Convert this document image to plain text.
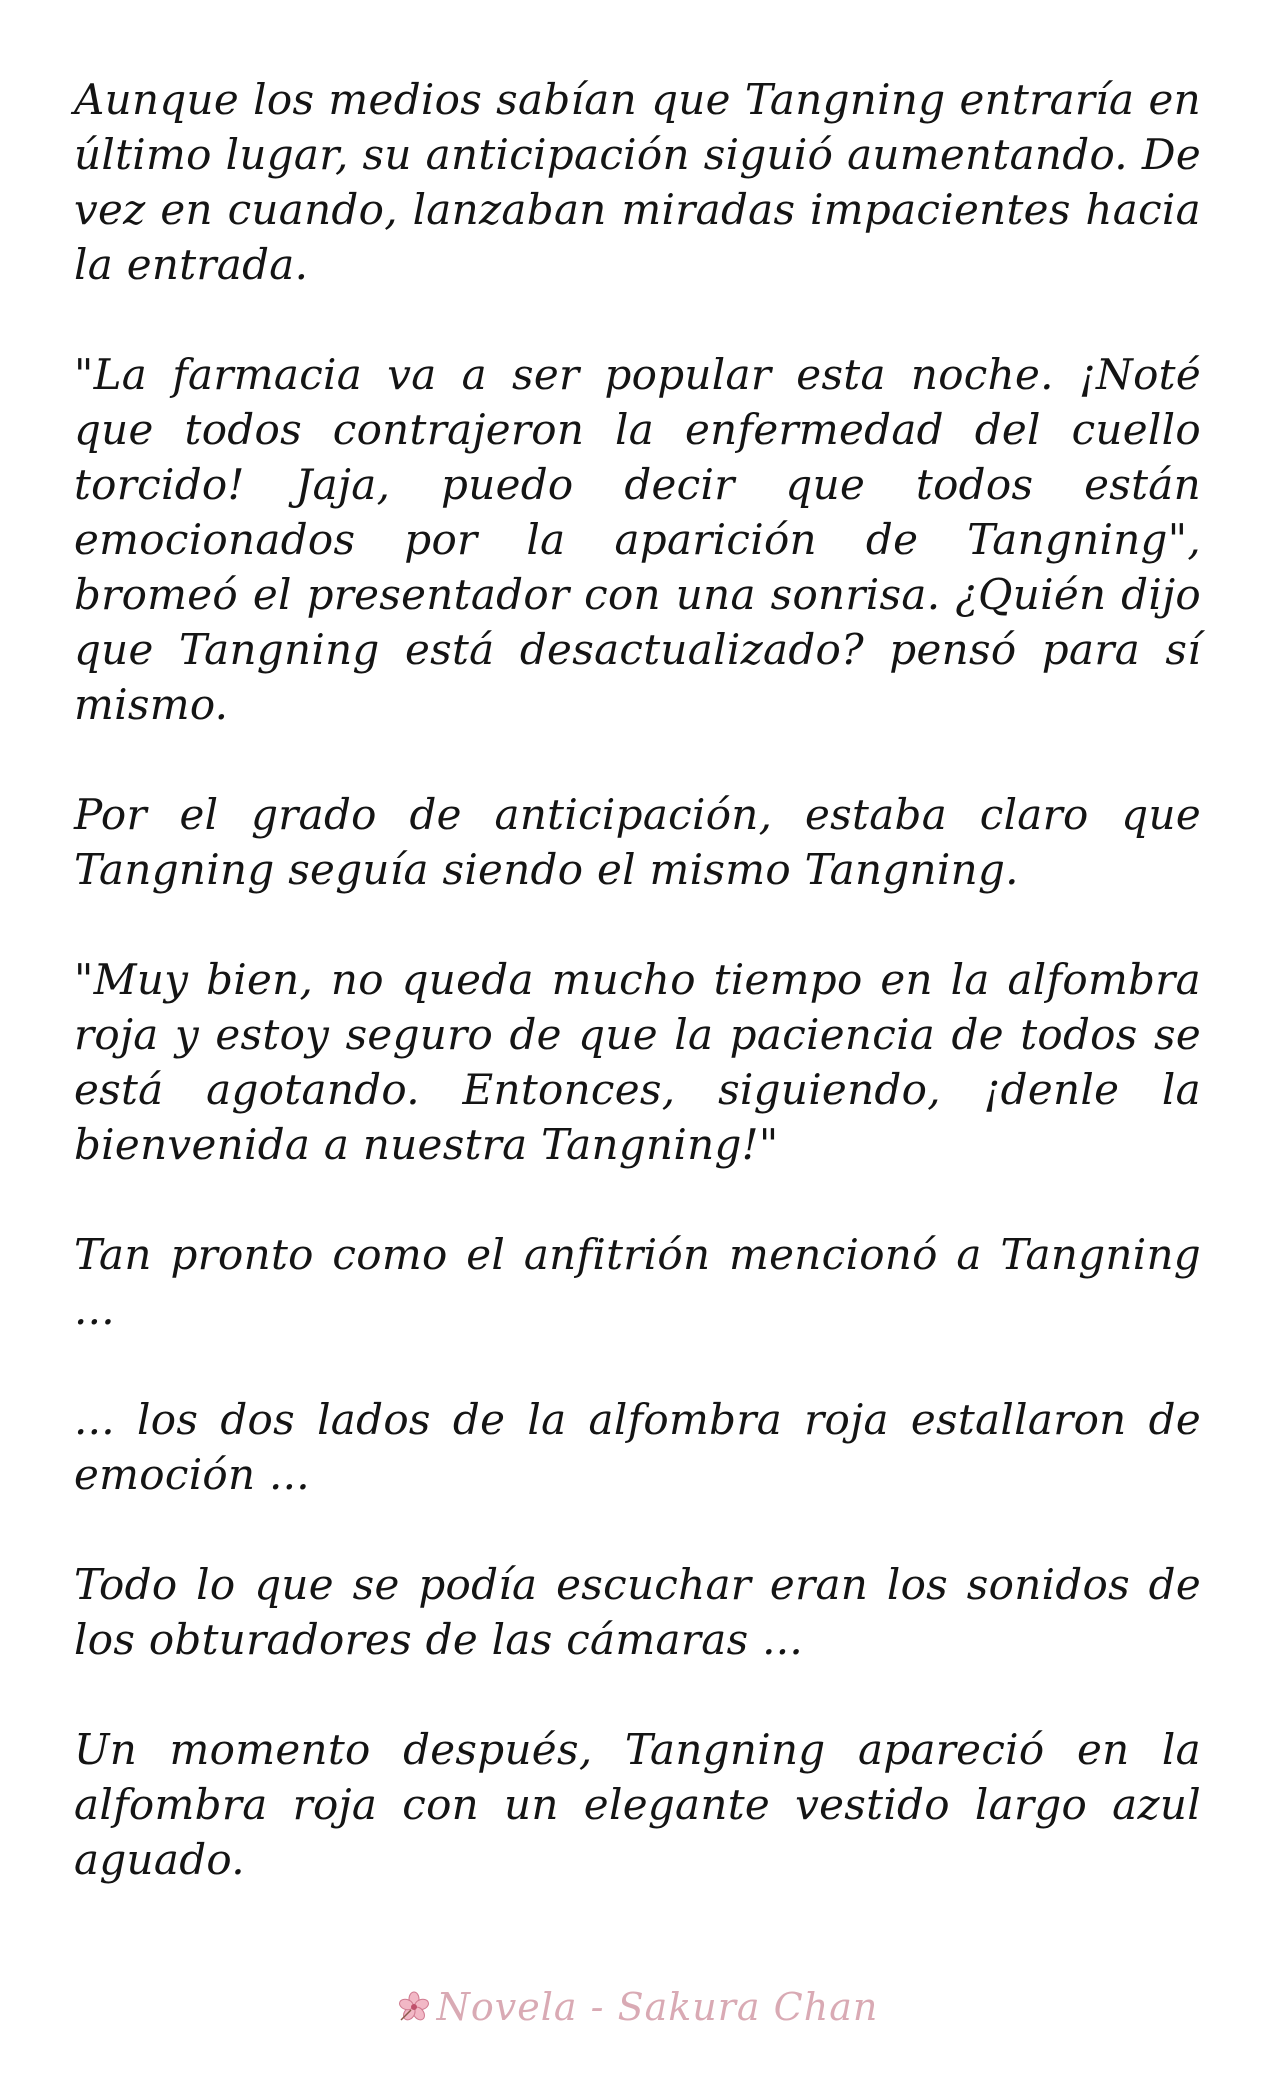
Aunque los medios sabían que Tangning entraría en último lugar, su anticipación siguió aumentando. De vez en cuando, lanzaban miradas impacientes hacia la entrada.

"La farmacia va a ser popular esta noche. ¡Noté que todos contrajeron la enfermedad del cuello torcido! Jaja, puedo decir que todos están emocionados por la aparición de Tangning", bromeó el presentador con una sonrisa. ¿Quién dijo que Tangning está desactualizado? pensó para sí mismo.

Por el grado de anticipación, estaba claro que Tangning seguía siendo el mismo Tangning.

"Muy bien, no queda mucho tiempo en la alfombra roja y estoy seguro de que la paciencia de todos se está agotando. Entonces, siguiendo, ¡denle la bienvenida a nuestra Tangning!"

Tan pronto como el anfitrión mencionó a Tangning ...

... los dos lados de la alfombra roja estallaron de emoción ...

Todo lo que se podía escuchar eran los sonidos de los obturadores de las cámaras ...

Un momento después, Tangning apareció en la alfombra roja con un elegante vestido largo azul aguado.

Novela - Sakura Chan
